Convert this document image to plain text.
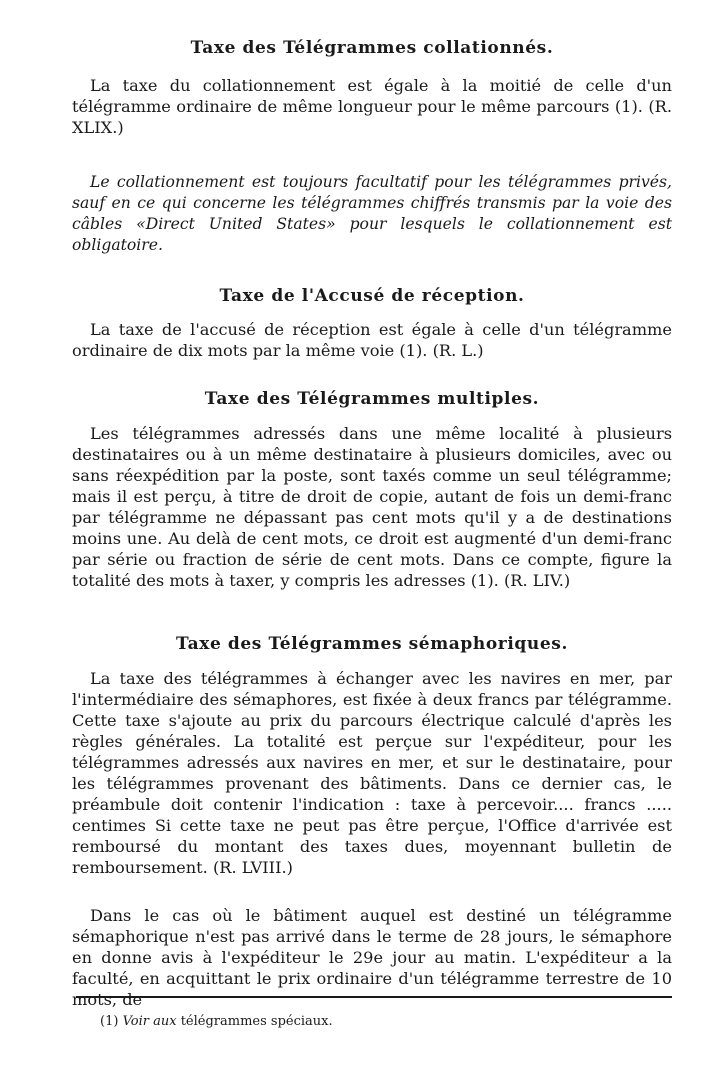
Taxe des Télégrammes collationnés.

La taxe du collationnement est égale à la moitié de celle d'un télégramme ordinaire de même longueur pour le même parcours (1). (R. XLIX.)

Le collationnement est toujours facultatif pour les télégrammes privés, sauf en ce qui concerne les télégrammes chiffrés transmis par la voie des câbles «Direct United States» pour lesquels le collationnement est obligatoire.

Taxe de l'Accusé de réception.

La taxe de l'accusé de réception est égale à celle d'un télégramme ordinaire de dix mots par la même voie (1). (R. L.)

Taxe des Télégrammes multiples.

Les télégrammes adressés dans une même localité à plusieurs destinataires ou à un même destinataire à plusieurs domiciles, avec ou sans réexpédition par la poste, sont taxés comme un seul télégramme; mais il est perçu, à titre de droit de copie, autant de fois un demi-franc par télégramme ne dépassant pas cent mots qu'il y a de destinations moins une. Au delà de cent mots, ce droit est augmenté d'un demi-franc par série ou fraction de série de cent mots. Dans ce compte, figure la totalité des mots à taxer, y compris les adresses (1). (R. LIV.)

Taxe des Télégrammes sémaphoriques.

La taxe des télégrammes à échanger avec les navires en mer, par l'intermédiaire des sémaphores, est fixée à deux francs par télégramme. Cette taxe s'ajoute au prix du parcours électrique calculé d'après les règles générales. La totalité est perçue sur l'expéditeur, pour les télégrammes adressés aux navires en mer, et sur le destinataire, pour les télégrammes provenant des bâtiments. Dans ce dernier cas, le préambule doit contenir l'indication : taxe à percevoir.... francs ..... centimes Si cette taxe ne peut pas être perçue, l'Office d'arrivée est remboursé du montant des taxes dues, moyennant bulletin de remboursement. (R. LVIII.)

Dans le cas où le bâtiment auquel est destiné un télégramme sémaphorique n'est pas arrivé dans le terme de 28 jours, le sémaphore en donne avis à l'expéditeur le 29e jour au matin. L'expéditeur a la faculté, en acquittant le prix ordinaire d'un télégramme terrestre de 10 mots, de

(1) Voir aux télégrammes spéciaux.
